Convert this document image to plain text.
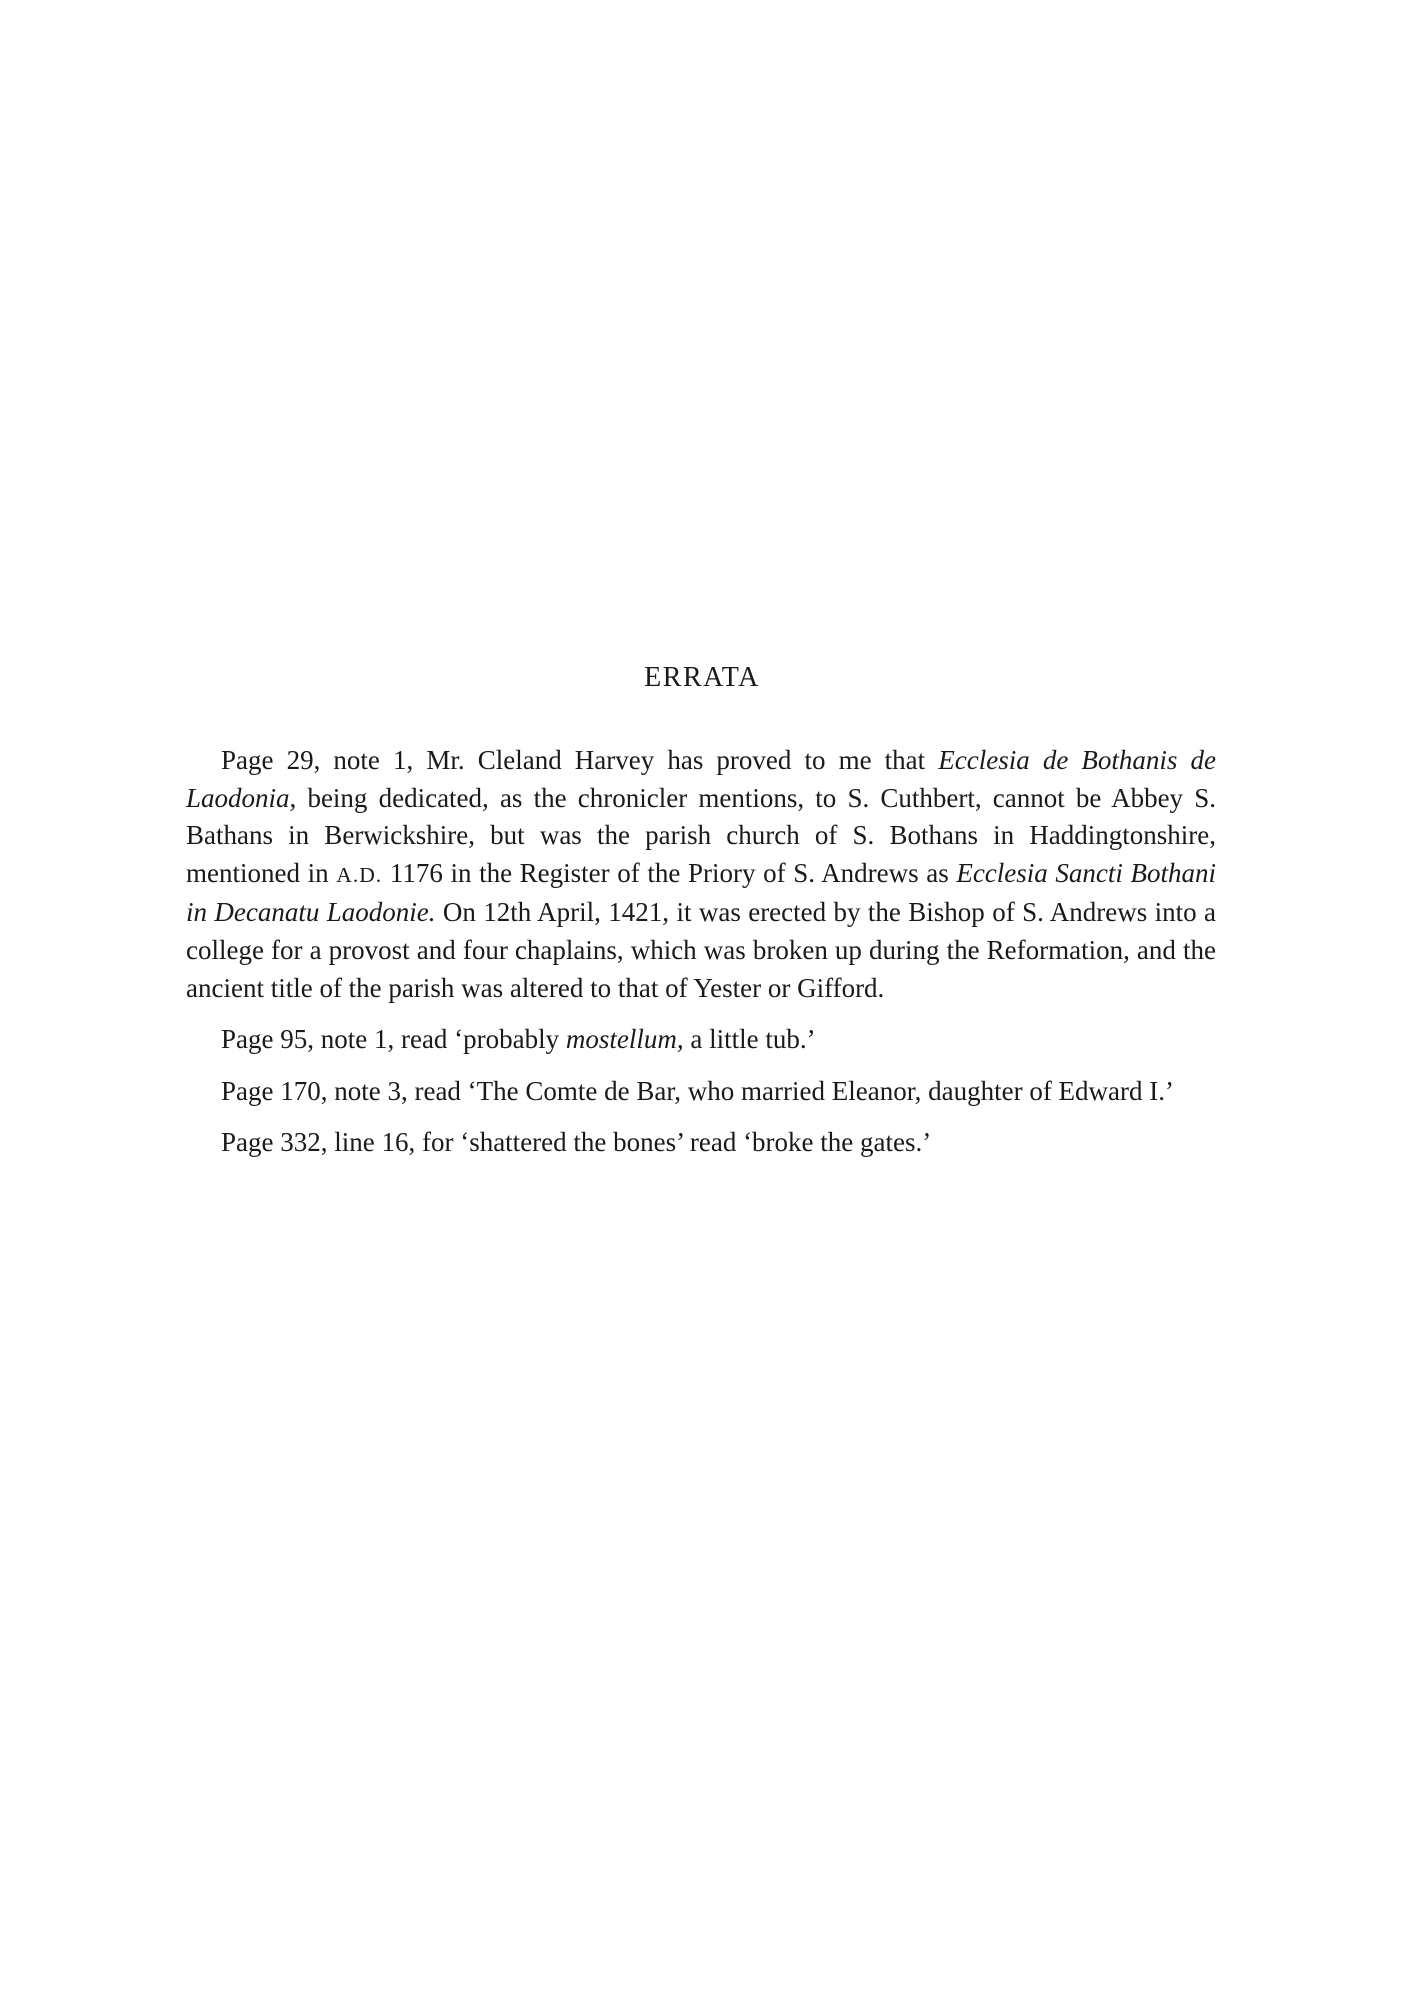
ERRATA

Page 29, note 1, Mr. Cleland Harvey has proved to me that Ecclesia de Bothanis de Laodonia, being dedicated, as the chronicler mentions, to S. Cuthbert, cannot be Abbey S. Bathans in Berwickshire, but was the parish church of S. Bothans in Haddingtonshire, mentioned in A.D. 1176 in the Register of the Priory of S. Andrews as Ecclesia Sancti Bothani in Decanatu Laodonie. On 12th April, 1421, it was erected by the Bishop of S. Andrews into a college for a provost and four chaplains, which was broken up during the Reformation, and the ancient title of the parish was altered to that of Yester or Gifford.

Page 95, note 1, read ‘probably mostellum, a little tub.’

Page 170, note 3, read ‘The Comte de Bar, who married Eleanor, daughter of Edward I.’

Page 332, line 16, for ‘shattered the bones’ read ‘broke the gates.’
